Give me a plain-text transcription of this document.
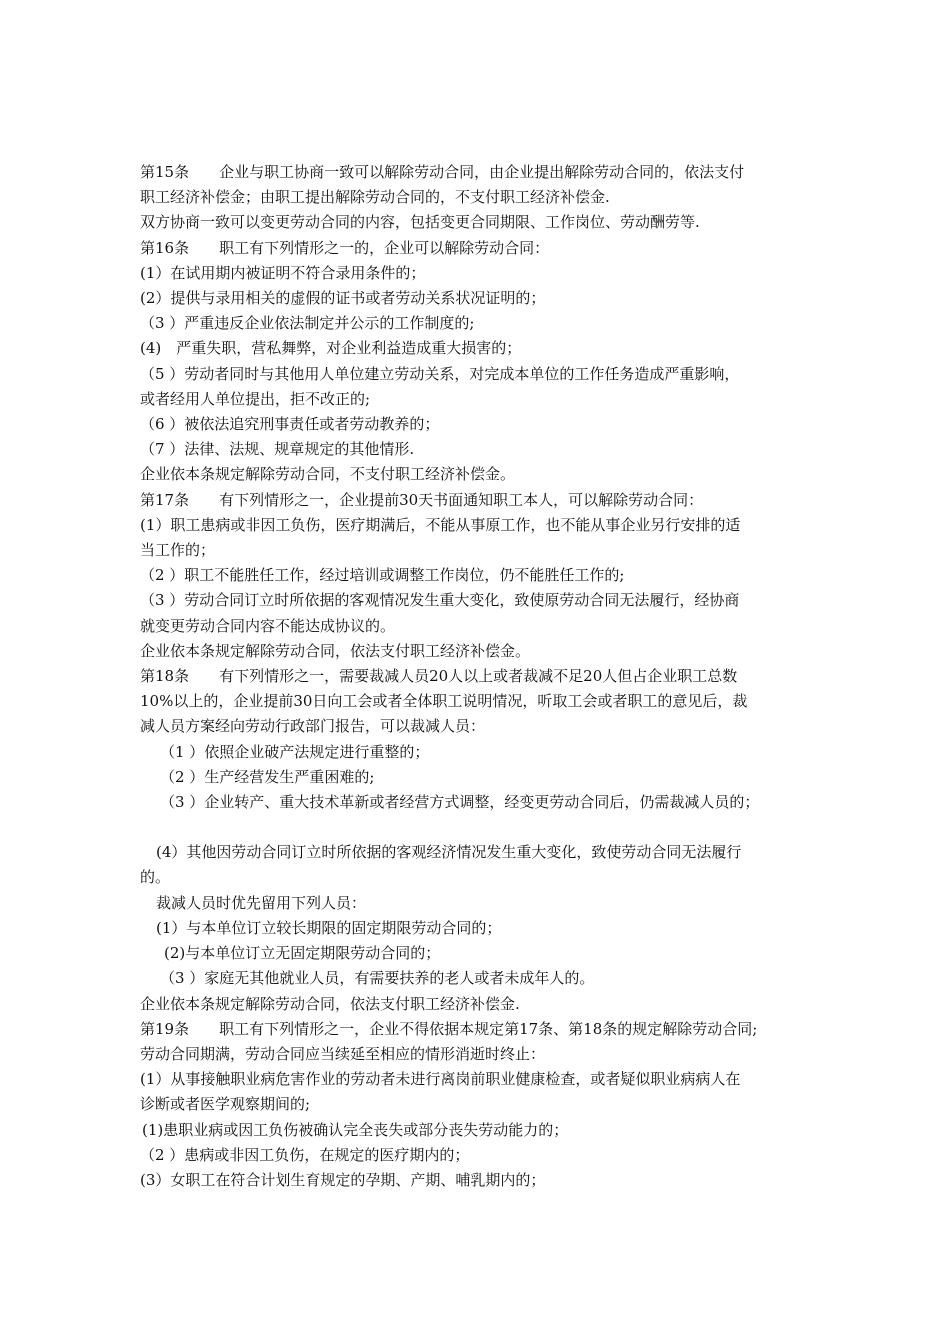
第15条　　企业与职工协商一致可以解除劳动合同，由企业提出解除劳动合同的，依法支付
职工经济补偿金；由职工提出解除劳动合同的，不支付职工经济补偿金.
双方协商一致可以变更劳动合同的内容，包括变更合同期限、工作岗位、劳动酬劳等.
第16条　　职工有下列情形之一的，企业可以解除劳动合同：
(1）在试用期内被证明不符合录用条件的；
(2）提供与录用相关的虚假的证书或者劳动关系状况证明的；
（3 ）严重违反企业依法制定并公示的工作制度的;
(4)　严重失职，营私舞弊，对企业利益造成重大损害的；
（5 ）劳动者同时与其他用人单位建立劳动关系，对完成本单位的工作任务造成严重影响，
或者经用人单位提出，拒不改正的;
（6 ）被依法追究刑事责任或者劳动教养的；
（7 ）法律、法规、规章规定的其他情形.
企业依本条规定解除劳动合同，不支付职工经济补偿金。
第17条　　有下列情形之一，企业提前30天书面通知职工本人，可以解除劳动合同：
(1）职工患病或非因工负伤，医疗期满后，不能从事原工作，也不能从事企业另行安排的适
当工作的；
（2 ）职工不能胜任工作，经过培训或调整工作岗位，仍不能胜任工作的;
（3 ）劳动合同订立时所依据的客观情况发生重大变化，致使原劳动合同无法履行，经协商
就变更劳动合同内容不能达成协议的。
企业依本条规定解除劳动合同，依法支付职工经济补偿金。
第18条　　有下列情形之一，需要裁减人员20人以上或者裁减不足20人但占企业职工总数
10%以上的，企业提前30日向工会或者全体职工说明情况，听取工会或者职工的意见后，裁
减人员方案经向劳动行政部门报告，可以裁减人员：
（1 ）依照企业破产法规定进行重整的；
（2 ）生产经营发生严重困难的;
（3 ）企业转产、重大技术革新或者经营方式调整，经变更劳动合同后，仍需裁减人员的；
(4）其他因劳动合同订立时所依据的客观经济情况发生重大变化，致使劳动合同无法履行
的。
裁减人员时优先留用下列人员：
(1）与本单位订立较长期限的固定期限劳动合同的；
(2)与本单位订立无固定期限劳动合同的；
（3 ）家庭无其他就业人员，有需要扶养的老人或者未成年人的。
企业依本条规定解除劳动合同，依法支付职工经济补偿金.
第19条　　职工有下列情形之一，企业不得依据本规定第17条、第18条的规定解除劳动合同;
劳动合同期满，劳动合同应当续延至相应的情形消逝时终止：
(1）从事接触职业病危害作业的劳动者未进行离岗前职业健康检查，或者疑似职业病病人在
诊断或者医学观察期间的;
(1)患职业病或因工负伤被确认完全丧失或部分丧失劳动能力的；
（2 ）患病或非因工负伤，在规定的医疗期内的；
(3）女职工在符合计划生育规定的孕期、产期、哺乳期内的；
